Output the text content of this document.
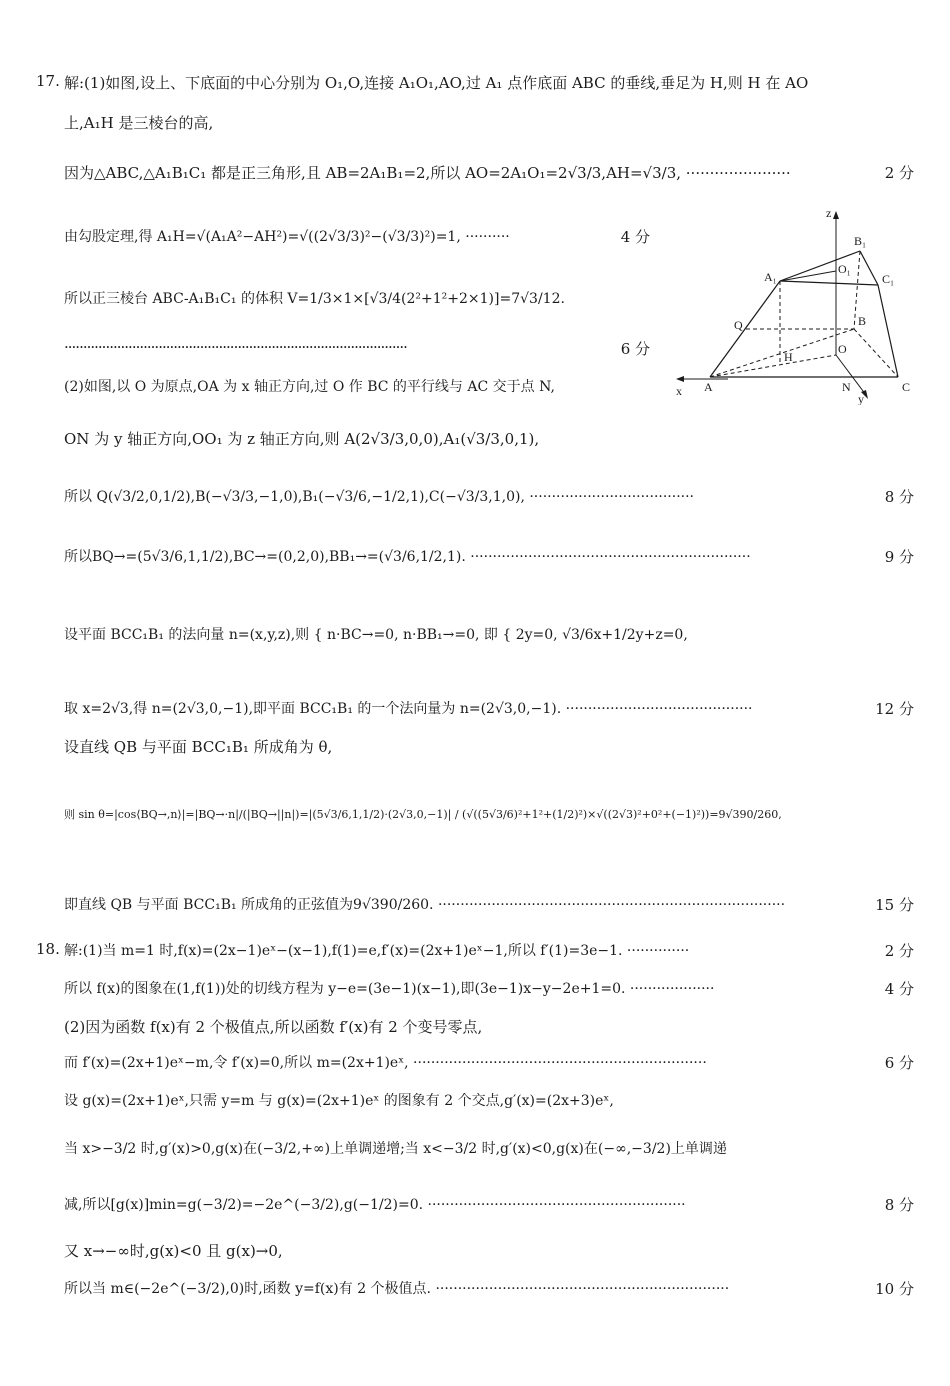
17. 解:(1)如图,设上、下底面的中心分别为 O₁,O,连接 A₁O₁,AO,过 A₁ 点作底面 ABC 的垂线,垂足为 H,则 H 在 AO
上,A₁H 是三棱台的高,
因为△ABC,△A₁B₁C₁ 都是正三角形,且 AB=2A₁B₁=2,所以 AO=2A₁O₁=2√3/3,AH=√3/3, ······················	2 分
由勾股定理,得 A₁H=√(A₁A²−AH²)=√((2√3/3)²−(√3/3)²)=1, ··········	4 分
所以正三棱台 ABC-A₁B₁C₁ 的体积 V=1/3×1×[√3/4(2²+1²+2×1)]=7√3/12.
···························································································	6 分
(2)如图,以 O 为原点,OA 为 x 轴正方向,过 O 作 BC 的平行线与 AC 交于点 N,
ON 为 y 轴正方向,OO₁ 为 z 轴正方向,则 A(2√3/3,0,0),A₁(√3/3,0,1),
所以 Q(√3/2,0,1/2),B(−√3/3,−1,0),B₁(−√3/6,−1/2,1),C(−√3/3,1,0), ·····································	8 分
所以BQ→=(5√3/6,1,1/2),BC→=(0,2,0),BB₁→=(√3/6,1/2,1). ·······························································	9 分
设平面 BCC₁B₁ 的法向量 n=(x,y,z),则 { n·BC→=0, n·BB₁→=0, 即 { 2y=0, √3/6x+1/2y+z=0,
取 x=2√3,得 n=(2√3,0,−1),即平面 BCC₁B₁ 的一个法向量为 n=(2√3,0,−1). ··········································	12 分
设直线 QB 与平面 BCC₁B₁ 所成角为 θ,
则 sin θ=|cos⟨BQ→,n⟩|=|BQ→·n|/(|BQ→||n|)=|(5√3/6,1,1/2)·(2√3,0,−1)| / (√((5√3/6)²+1²+(1/2)²)×√((2√3)²+0²+(−1)²))=9√390/260,
即直线 QB 与平面 BCC₁B₁ 所成角的正弦值为9√390/260. ··············································································	15 分
18. 解:(1)当 m=1 时,f(x)=(2x−1)eˣ−(x−1),f(1)=e,f′(x)=(2x+1)eˣ−1,所以 f′(1)=3e−1. ··············	2 分
所以 f(x)的图象在(1,f(1))处的切线方程为 y−e=(3e−1)(x−1),即(3e−1)x−y−2e+1=0. ···················	4 分
(2)因为函数 f(x)有 2 个极值点,所以函数 f′(x)有 2 个变号零点,
而 f′(x)=(2x+1)eˣ−m,令 f′(x)=0,所以 m=(2x+1)eˣ, ··································································	6 分
设 g(x)=(2x+1)eˣ,只需 y=m 与 g(x)=(2x+1)eˣ 的图象有 2 个交点,g′(x)=(2x+3)eˣ,
当 x>−3/2 时,g′(x)>0,g(x)在(−3/2,+∞)上单调递增;当 x<−3/2 时,g′(x)<0,g(x)在(−∞,−3/2)上单调递
减,所以[g(x)]min=g(−3/2)=−2e^(−3/2),g(−1/2)=0. ··························································	8 分
又 x→−∞时,g(x)<0 且 g(x)→0,
所以当 m∈(−2e^(−3/2),0)时,函数 y=f(x)有 2 个极值点. ··································································	10 分
z
B₁
A₁
O₁
C₁
Q	B
H
O
x A	N
y
C
